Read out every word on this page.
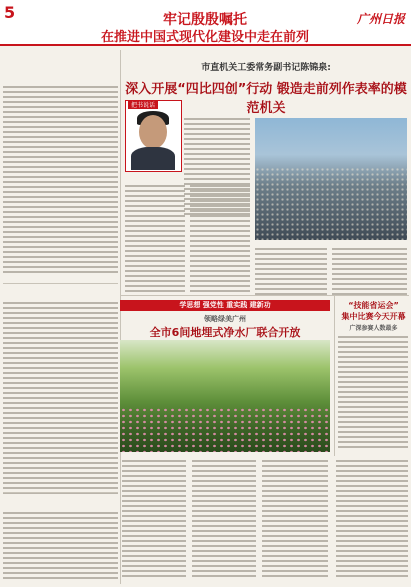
5	牢记殷殷嘱托
在推进中国式现代化建设中走在前列
广州日报
市直机关工委常务副书记陈锦泉:
深入开展“四比四创”行动 锻造走前列作表率的模范机关
把书说话
学思想 强党性 重实践 建新功
领略绿美广州
全市6间地埋式净水厂联合开放
“技能省运会”
集中比赛今天开幕
广深参赛人数最多
